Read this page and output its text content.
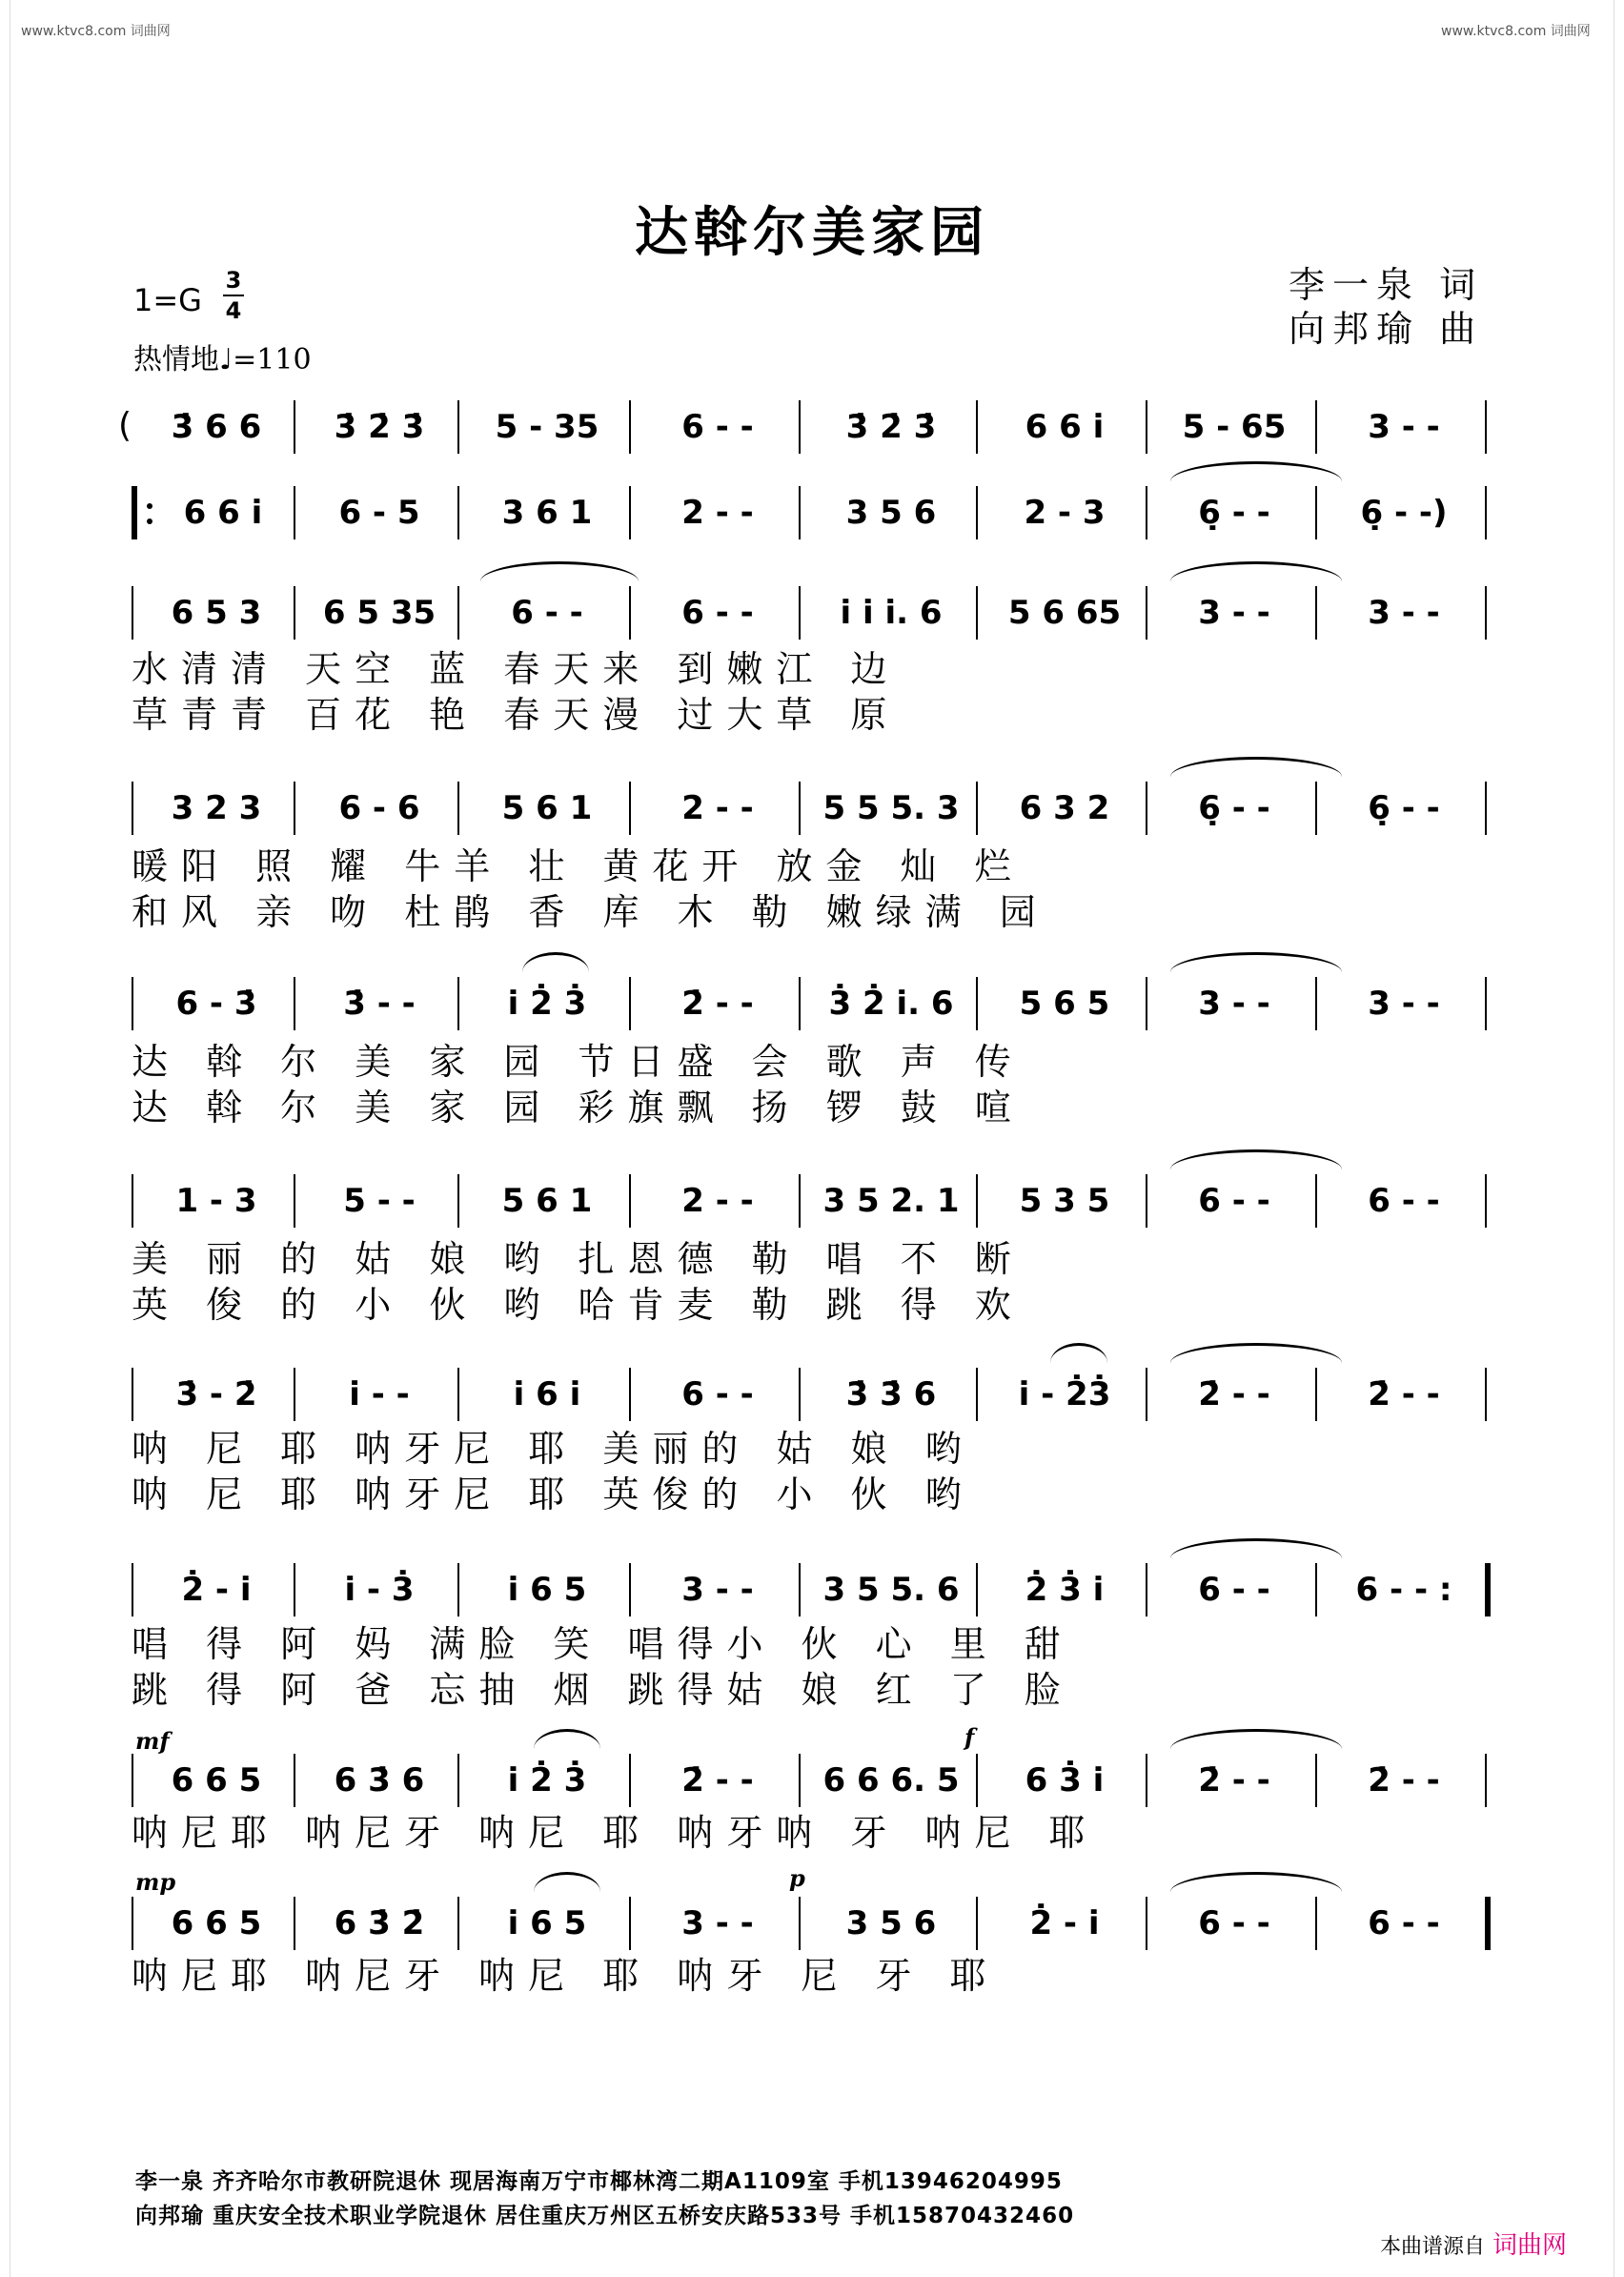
www.ktvc8.com 词曲网	www.ktvc8.com 词曲网
达斡尔美家园
1=G
3
4
热情地♩=110
李一泉 词
向邦瑜 曲
(	3̇ 6 6	3̇ 2̇ 3̇	5 - 35	6 - -	3̇ 2̇ 3̇	6 6 i̇	5 - 65	3 - -
6 6 i̇	6 - 5	3 6 1	2 - -	3 5 6	2 - 3	6̣ - -	6̣ - -)
6 5 3	6 5 35	6 - -	6 - -	i̇ i̇ i̇. 6	5 6 65	3 - -	3 - -
水清清 天空 蓝 春天来 到嫩江 边
草青青 百花 艳 春天漫 过大草 原
3 2 3	6 - 6	5 6 1	2 - -	5 5 5. 3	6 3 2	6̣ - -	6̣ - -
暖阳 照 耀 牛羊 壮 黄花开 放金 灿 烂
和风 亲 吻 杜鹃 香 库 木 勒 嫩绿满 园
6 - 3̇	3̇ - -	i̇ 2̇ 3̇	2̇ - -	3̇ 2̇ i̇. 6	5 6 5	3 - -	3 - -
达 斡 尔 美 家 园 节日盛 会 歌 声 传
达 斡 尔 美 家 园 彩旗飘 扬 锣 鼓 喧
1 - 3	5 - -	5 6 1	2 - -	3 5 2. 1	5 3 5	6 - -	6 - -
美 丽 的 姑 娘 哟 扎恩德 勒 唱 不 断
英 俊 的 小 伙 哟 哈肯麦 勒 跳 得 欢
3̇ - 2̇	i̇ - -	i̇ 6 i̇	6 - -	3̇ 3̇ 6	i̇ - 2̇3̇	2̇ - -	2̇ - -
呐 尼 耶 呐牙尼 耶 美丽的 姑 娘 哟
呐 尼 耶 呐牙尼 耶 英俊的 小 伙 哟
2̇ - i̇	i̇ - 3̇	i̇ 6 5	3 - -	3 5 5. 6	2̇ 3̇ i̇	6 - -	6 - - :
唱 得 阿 妈 满脸 笑 唱得小 伙 心 里 甜
跳 得 阿 爸 忘抽 烟 跳得姑 娘 红 了 脸
6 6 5	6 3̇ 6	i̇ 2̇ 3̇	2̇ - -	6 6 6. 5	6 3̇ i̇	2̇ - -	2̇ - -
呐尼耶 呐尼牙 呐尼 耶 呐牙呐 牙 呐尼 耶
6 6 5	6 3̇ 2̇	i̇ 6 5	3 - -	3 5 6	2̇ - i̇	6 - -	6 - -
呐尼耶 呐尼牙 呐尼 耶 呐牙 尼 牙 耶
mf	f
mp	p
李一泉 齐齐哈尔市教研院退休 现居海南万宁市椰林湾二期A1109室 手机13946204995
向邦瑜 重庆安全技术职业学院退休 居住重庆万州区五桥安庆路533号 手机15870432460
本曲谱源自 词曲网
